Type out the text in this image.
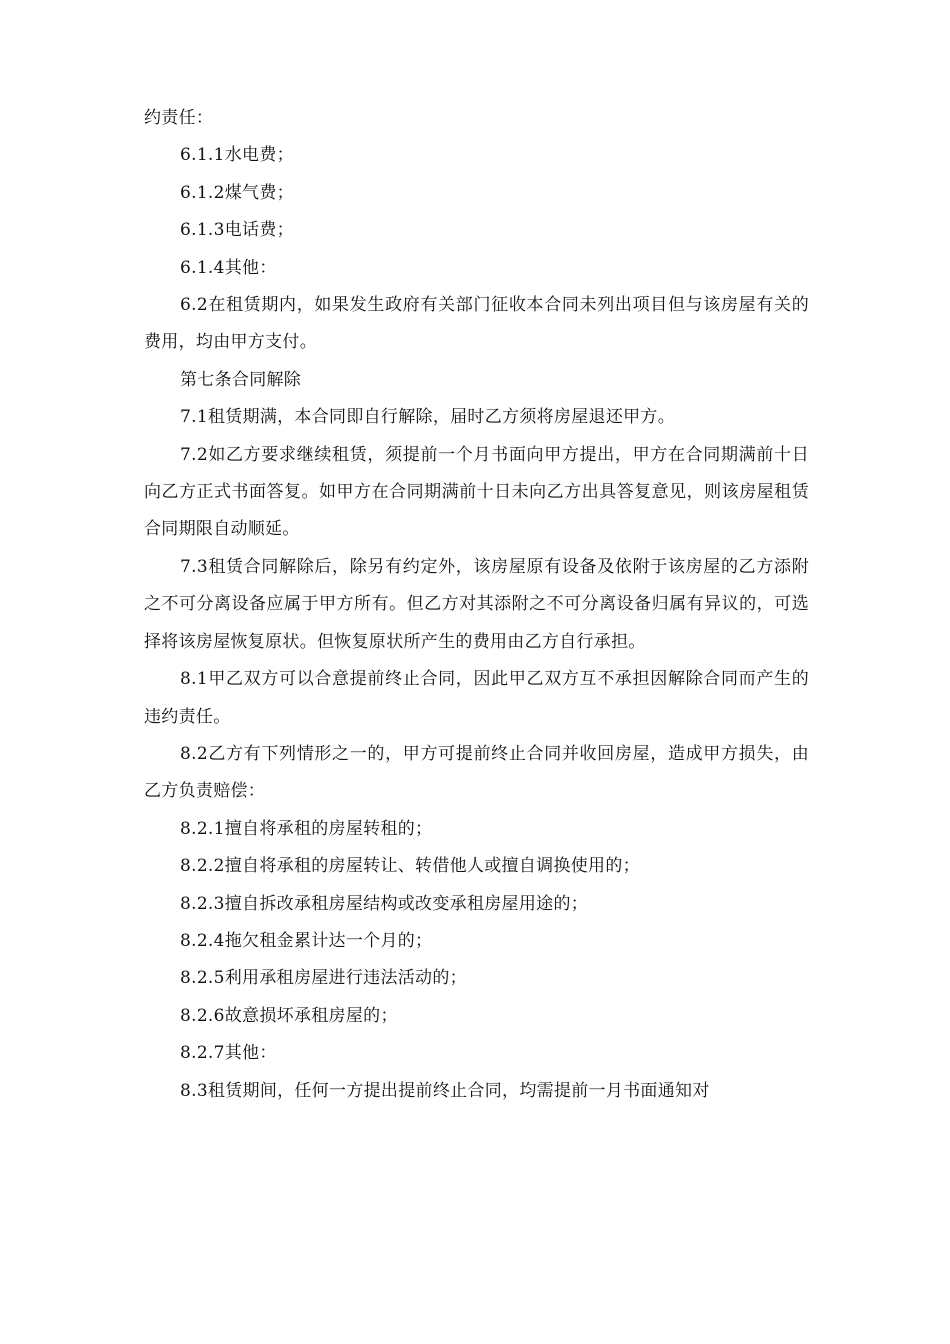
约责任：

6.1.1水电费；

6.1.2煤气费；

6.1.3电话费；

6.1.4其他：

6.2在租赁期内，如果发生政府有关部门征收本合同未列出项目但与该房屋有关的费用，均由甲方支付。

第七条合同解除

7.1租赁期满，本合同即自行解除，届时乙方须将房屋退还甲方。

7.2如乙方要求继续租赁，须提前一个月书面向甲方提出，甲方在合同期满前十日向乙方正式书面答复。如甲方在合同期满前十日未向乙方出具答复意见，则该房屋租赁合同期限自动顺延。

7.3租赁合同解除后，除另有约定外，该房屋原有设备及依附于该房屋的乙方添附之不可分离设备应属于甲方所有。但乙方对其添附之不可分离设备归属有异议的，可选择将该房屋恢复原状。但恢复原状所产生的费用由乙方自行承担。

8.1甲乙双方可以合意提前终止合同，因此甲乙双方互不承担因解除合同而产生的违约责任。

8.2乙方有下列情形之一的，甲方可提前终止合同并收回房屋，造成甲方损失，由乙方负责赔偿：

8.2.1擅自将承租的房屋转租的；

8.2.2擅自将承租的房屋转让、转借他人或擅自调换使用的；

8.2.3擅自拆改承租房屋结构或改变承租房屋用途的；

8.2.4拖欠租金累计达一个月的；

8.2.5利用承租房屋进行违法活动的；

8.2.6故意损坏承租房屋的；

8.2.7其他：

8.3租赁期间，任何一方提出提前终止合同，均需提前一月书面通知对
